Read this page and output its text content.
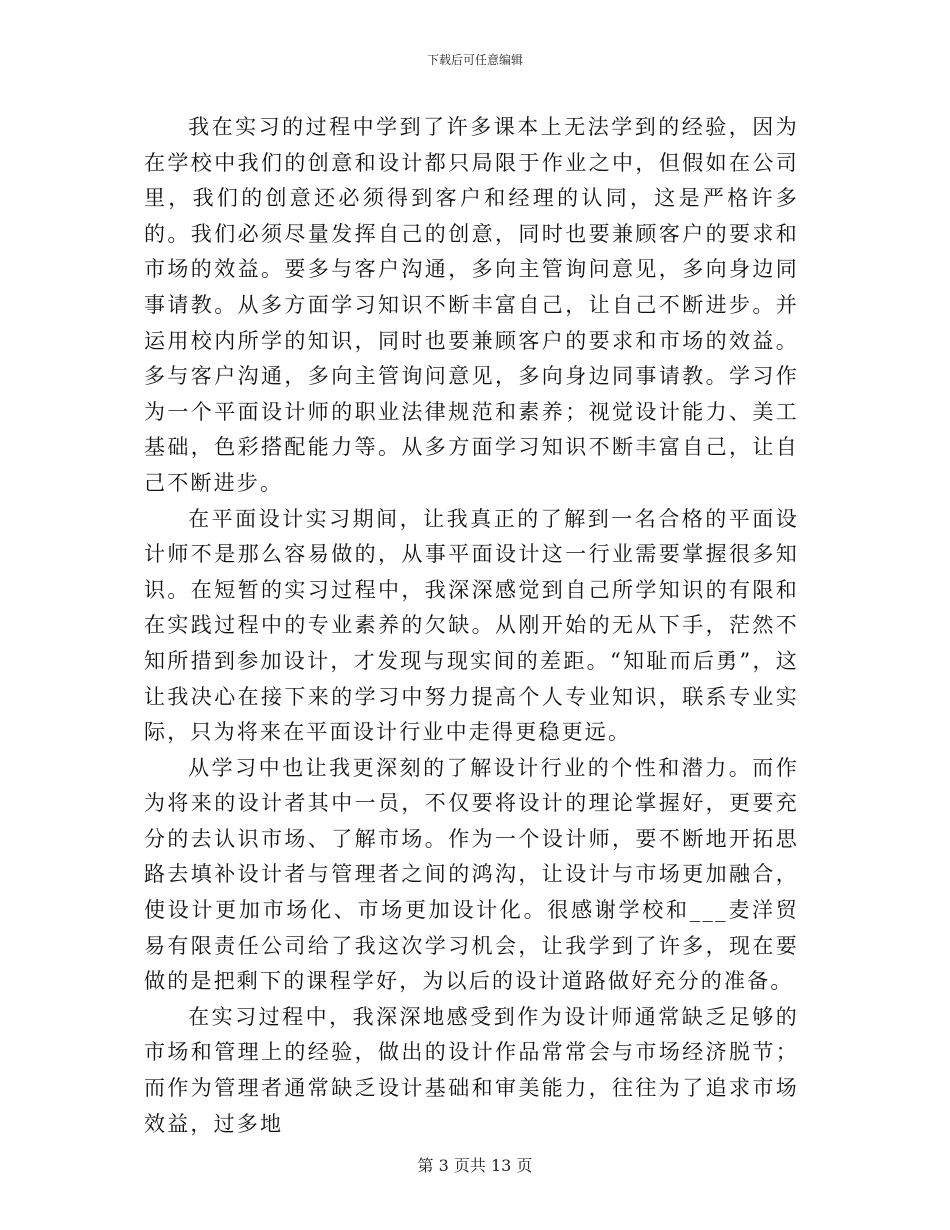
下载后可任意编辑

我在实习的过程中学到了许多课本上无法学到的经验，因为在学校中我们的创意和设计都只局限于作业之中，但假如在公司里，我们的创意还必须得到客户和经理的认同，这是严格许多的。我们必须尽量发挥自己的创意，同时也要兼顾客户的要求和市场的效益。要多与客户沟通，多向主管询问意见，多向身边同事请教。从多方面学习知识不断丰富自己，让自己不断进步。并运用校内所学的知识，同时也要兼顾客户的要求和市场的效益。多与客户沟通，多向主管询问意见，多向身边同事请教。学习作为一个平面设计师的职业法律规范和素养；视觉设计能力、美工基础，色彩搭配能力等。从多方面学习知识不断丰富自己，让自己不断进步。

在平面设计实习期间，让我真正的了解到一名合格的平面设计师不是那么容易做的，从事平面设计这一行业需要掌握很多知识。在短暂的实习过程中，我深深感觉到自己所学知识的有限和在实践过程中的专业素养的欠缺。从刚开始的无从下手，茫然不知所措到参加设计，才发现与现实间的差距。“知耻而后勇”，这让我决心在接下来的学习中努力提高个人专业知识，联系专业实际，只为将来在平面设计行业中走得更稳更远。

从学习中也让我更深刻的了解设计行业的个性和潜力。而作为将来的设计者其中一员，不仅要将设计的理论掌握好，更要充分的去认识市场、了解市场。作为一个设计师，要不断地开拓思路去填补设计者与管理者之间的鸿沟，让设计与市场更加融合，使设计更加市场化、市场更加设计化。很感谢学校和___麦洋贸易有限责任公司给了我这次学习机会，让我学到了许多，现在要做的是把剩下的课程学好，为以后的设计道路做好充分的准备。

在实习过程中，我深深地感受到作为设计师通常缺乏足够的市场和管理上的经验，做出的设计作品常常会与市场经济脱节；而作为管理者通常缺乏设计基础和审美能力，往往为了追求市场效益，过多地

第 3 页共 13 页
